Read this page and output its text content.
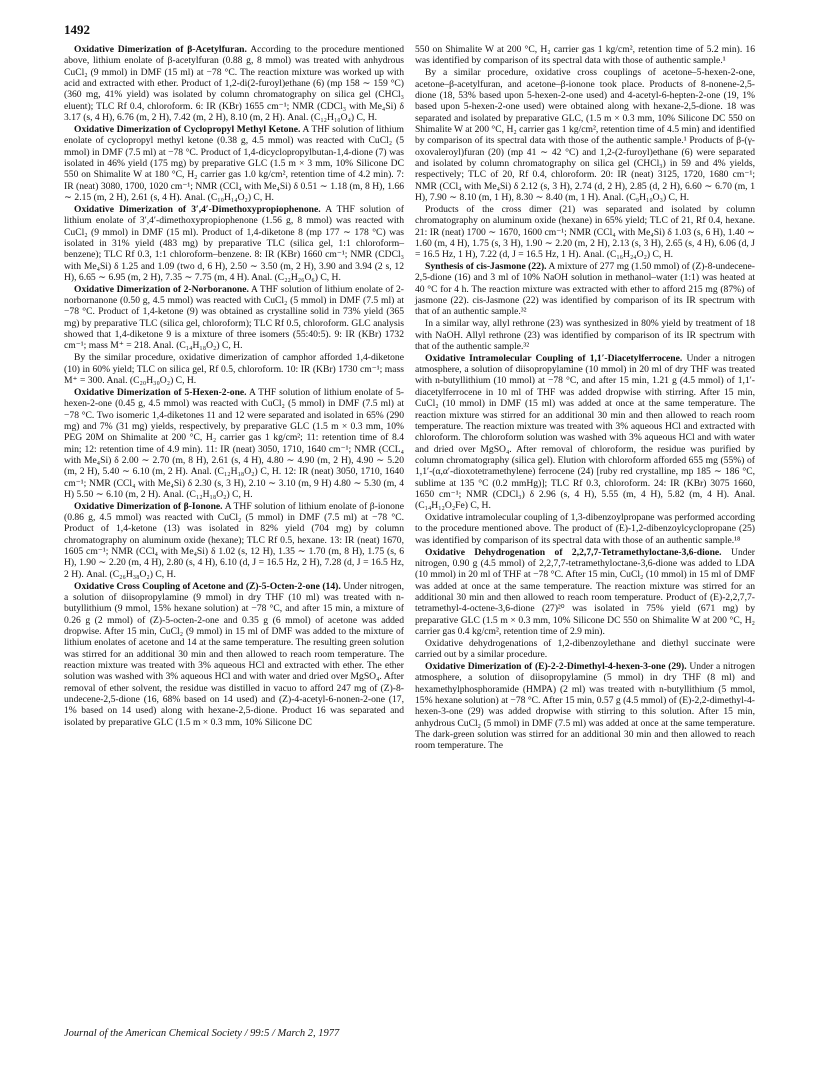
1492

Oxidative Dimerization of β-Acetylfuran. According to the procedure mentioned above, lithium enolate of β-acetylfuran (0.88 g, 8 mmol) was treated with anhydrous CuCl₂ (9 mmol) in DMF (15 ml) at −78 °C. The reaction mixture was worked up with acid and extracted with ether. Product of 1,2-di(2-furoyl)ethane (6) (mp 158 ∼ 159 °C) (360 mg, 41% yield) was isolated by column chromatography on silica gel (CHCl₃ eluent); TLC Rf 0.4, chloroform. 6: IR (KBr) 1655 cm⁻¹; NMR (CDCl₃ with Me₄Si) δ 3.17 (s, 4 H), 6.76 (m, 2 H), 7.42 (m, 2 H), 8.10 (m, 2 H). Anal. (C₁₂H₁₀O₄) C, H.

Oxidative Dimerization of Cyclopropyl Methyl Ketone. A THF solution of lithium enolate of cyclopropyl methyl ketone (0.38 g, 4.5 mmol) was reacted with CuCl₂ (5 mmol) in DMF (7.5 ml) at −78 °C. Product of 1,4-dicyclopropylbutan-1,4-dione (7) was isolated in 46% yield (175 mg) by preparative GLC (1.5 m × 3 mm, 10% Silicone DC 550 on Shimalite W at 180 °C, H₂ carrier gas 1.0 kg/cm², retention time of 4.2 min). 7: IR (neat) 3080, 1700, 1020 cm⁻¹; NMR (CCl₄ with Me₄Si) δ 0.51 ∼ 1.18 (m, 8 H), 1.66 ∼ 2.15 (m, 2 H), 2.61 (s, 4 H). Anal. (C₁₀H₁₄O₂) C, H.

Oxidative Dimerization of 3′,4′-Dimethoxypropiophenone. A THF solution of lithium enolate of 3′,4′-dimethoxypropiophenone (1.56 g, 8 mmol) was reacted with CuCl₂ (9 mmol) in DMF (15 ml). Product of 1,4-diketone 8 (mp 177 ∼ 178 °C) was isolated in 31% yield (483 mg) by preparative TLC (silica gel, 1:1 chloroform–benzene); TLC Rf 0.3, 1:1 chloroform–benzene. 8: IR (KBr) 1660 cm⁻¹; NMR (CDCl₃ with Me₄Si) δ 1.25 and 1.09 (two d, 6 H), 2.50 ∼ 3.50 (m, 2 H), 3.90 and 3.94 (2 s, 12 H), 6.65 ∼ 6.95 (m, 2 H), 7.35 ∼ 7.75 (m, 4 H). Anal. (C₂₂H₂₆O₆) C, H.

Oxidative Dimerization of 2-Norboranone. A THF solution of lithium enolate of 2-norbornanone (0.50 g, 4.5 mmol) was reacted with CuCl₂ (5 mmol) in DMF (7.5 ml) at −78 °C. Product of 1,4-ketone (9) was obtained as crystalline solid in 73% yield (365 mg) by preparative TLC (silica gel, chloroform); TLC Rf 0.5, chloroform. GLC analysis showed that 1,4-diketone 9 is a mixture of three isomers (55:40:5). 9: IR (KBr) 1732 cm⁻¹; mass M⁺ = 218. Anal. (C₁₄H₁₈O₂) C, H.

By the similar procedure, oxidative dimerization of camphor afforded 1,4-diketone (10) in 60% yield; TLC on silica gel, Rf 0.5, chloroform. 10: IR (KBr) 1730 cm⁻¹; mass M⁺ = 300. Anal. (C₂₀H₃₀O₂) C, H.

Oxidative Dimerization of 5-Hexen-2-one. A THF solution of lithium enolate of 5-hexen-2-one (0.45 g, 4.5 mmol) was reacted with CuCl₂ (5 mmol) in DMF (7.5 ml) at −78 °C. Two isomeric 1,4-diketones 11 and 12 were separated and isolated in 65% (290 mg) and 7% (31 mg) yields, respectively, by preparative GLC (1.5 m × 0.3 mm, 10% PEG 20M on Shimalite at 200 °C, H₂ carrier gas 1 kg/cm²; 11: retention time of 8.4 min; 12: retention time of 4.9 min). 11: IR (neat) 3050, 1710, 1640 cm⁻¹; NMR (CCL₄ with Me₄Si) δ 2.00 ∼ 2.70 (m, 8 H), 2.61 (s, 4 H), 4.80 ∼ 4.90 (m, 2 H), 4.90 ∼ 5.20 (m, 2 H), 5.40 ∼ 6.10 (m, 2 H). Anal. (C₁₂H₁₈O₂) C, H. 12: IR (neat) 3050, 1710, 1640 cm⁻¹; NMR (CCl₄ with Me₄Si) δ 2.30 (s, 3 H), 2.10 ∼ 3.10 (m, 9 H) 4.80 ∼ 5.30 (m, 4 H) 5.50 ∼ 6.10 (m, 2 H). Anal. (C₁₂H₁₈O₂) C, H.

Oxidative Dimerization of β-Ionone. A THF solution of lithium enolate of β-ionone (0.86 g, 4.5 mmol) was reacted with CuCl₂ (5 mmol) in DMF (7.5 ml) at −78 °C. Product of 1,4-ketone (13) was isolated in 82% yield (704 mg) by column chromatography on aluminum oxide (hexane); TLC Rf 0.5, hexane. 13: IR (neat) 1670, 1605 cm⁻¹; NMR (CCl₄ with Me₄Si) δ 1.02 (s, 12 H), 1.35 ∼ 1.70 (m, 8 H), 1.75 (s, 6 H), 1.90 ∼ 2.20 (m, 4 H), 2.80 (s, 4 H), 6.10 (d, J = 16.5 Hz, 2 H), 7.28 (d, J = 16.5 Hz, 2 H). Anal. (C₂₆H₃₈O₂) C, H.

Oxidative Cross Coupling of Acetone and (Z)-5-Octen-2-one (14). Under nitrogen, a solution of diisopropylamine (9 mmol) in dry THF (10 ml) was treated with n-butyllithium (9 mmol, 15% hexane solution) at −78 °C, and after 15 min, a mixture of 0.26 g (2 mmol) of (Z)-5-octen-2-one and 0.35 g (6 mmol) of acetone was added dropwise. After 15 min, CuCl₂ (9 mmol) in 15 ml of DMF was added to the mixture of lithium enolates of acetone and 14 at the same temperature. The resulting green solution was stirred for an additional 30 min and then allowed to reach room temperature. The reaction mixture was treated with 3% aqueous HCl and extracted with ether. The ether solution was washed with 3% aqueous HCl and with water and dried over MgSO₄. After removal of ether solvent, the residue was distilled in vacuo to afford 247 mg of (Z)-8-undecene-2,5-dione (16, 68% based on 14 used) and (Z)-4-acetyl-6-nonen-2-one (17, 1% based on 14 used) along with hexane-2,5-dione. Product 16 was separated and isolated by preparative GLC (1.5 m × 0.3 mm, 10% Silicone DC

550 on Shimalite W at 200 °C, H₂ carrier gas 1 kg/cm², retention time of 5.2 min). 16 was identified by comparison of its spectral data with those of authentic sample.¹

By a similar procedure, oxidative cross couplings of acetone–5-hexen-2-one, acetone–β-acetylfuran, and acetone–β-ionone took place. Products of 8-nonene-2,5-dione (18, 53% based upon 5-hexen-2-one used) and 4-acetyl-6-hepten-2-one (19, 1% based upon 5-hexen-2-one used) were obtained along with hexane-2,5-dione. 18 was separated and isolated by preparative GLC, (1.5 m × 0.3 mm, 10% Silicone DC 550 on Shimalite W at 200 °C, H₂ carrier gas 1 kg/cm², retention time of 4.5 min) and identified by comparison of its spectral data with those of the authentic sample.¹ Products of β-(γ-oxovaleroyl)furan (20) (mp 41 ∼ 42 °C) and 1,2-(2-furoyl)ethane (6) were separated and isolated by column chromatography on silica gel (CHCl₃) in 59 and 4% yields, respectively; TLC of 20, Rf 0.4, chloroform. 20: IR (neat) 3125, 1720, 1680 cm⁻¹; NMR (CCl₄ with Me₄Si) δ 2.12 (s, 3 H), 2.74 (d, 2 H), 2.85 (d, 2 H), 6.60 ∼ 6.70 (m, 1 H), 7.90 ∼ 8.10 (m, 1 H), 8.30 ∼ 8.40 (m, 1 H). Anal. (C₉H₁₀O₃) C, H.

Products of the cross dimer (21) was separated and isolated by column chromatography on aluminum oxide (hexane) in 65% yield; TLC of 21, Rf 0.4, hexane. 21: IR (neat) 1700 ∼ 1670, 1600 cm⁻¹; NMR (CCl₄ with Me₄Si) δ 1.03 (s, 6 H), 1.40 ∼ 1.60 (m, 4 H), 1.75 (s, 3 H), 1.90 ∼ 2.20 (m, 2 H), 2.13 (s, 3 H), 2.65 (s, 4 H), 6.06 (d, J = 16.5 Hz, 1 H), 7.22 (d, J = 16.5 Hz, 1 H). Anal. (C₁₆H₂₄O₂) C, H.

Synthesis of cis-Jasmone (22). A mixture of 277 mg (1.50 mmol) of (Z)-8-undecene-2,5-dione (16) and 3 ml of 10% NaOH solution in methanol–water (1:1) was heated at 40 °C for 4 h. The reaction mixture was extracted with ether to afford 215 mg (87%) of jasmone (22). cis-Jasmone (22) was identified by comparison of its IR spectrum with that of an authentic sample.³²

In a similar way, allyl rethrone (23) was synthesized in 80% yield by treatment of 18 with NaOH. Allyl rethrone (23) was identified by comparison of its IR spectrum with that of the authentic sample.³²

Oxidative Intramolecular Coupling of 1,1′-Diacetylferrocene. Under a nitrogen atmosphere, a solution of diisopropylamine (10 mmol) in 20 ml of dry THF was treated with n-butyllithium (10 mmol) at −78 °C, and after 15 min, 1.21 g (4.5 mmol) of 1,1′-diacetylferrocene in 10 ml of THF was added dropwise with stirring. After 15 min, CuCl₂ (10 mmol) in DMF (15 ml) was added at once at the same temperature. The reaction mixture was stirred for an additional 30 min and then allowed to reach room temperature. The reaction mixture was treated with 3% aqueous HCl and extracted with chloroform. The chloroform solution was washed with 3% aqueous HCl and with water and dried over MgSO₄. After removal of chloroform, the residue was purified by column chromatography (silica gel). Elution with chloroform afforded 655 mg (55%) of 1,1′-(α,α′-dioxotetramethylene) ferrocene (24) [ruby red crystalline, mp 185 ∼ 186 °C, sublime at 135 °C (0.2 mmHg)]; TLC Rf 0.3, chloroform. 24: IR (KBr) 3075 1660, 1650 cm⁻¹; NMR (CDCl₃) δ 2.96 (s, 4 H), 5.55 (m, 4 H), 5.82 (m, 4 H). Anal. (C₁₄H₁₂O₂Fe) C, H.

Oxidative intramolecular coupling of 1,3-dibenzoylpropane was performed according to the procedure mentioned above. The product of (E)-1,2-dibenzoylcyclopropane (25) was identified by comparison of its spectral data with those of an authentic sample.¹⁸

Oxidative Dehydrogenation of 2,2,7,7-Tetramethyloctane-3,6-dione. Under nitrogen, 0.90 g (4.5 mmol) of 2,2,7,7-tetramethyloctane-3,6-dione was added to LDA (10 mmol) in 20 ml of THF at −78 °C. After 15 min, CuCl₂ (10 mmol) in 15 ml of DMF was added at once at the same temperature. The reaction mixture was stirred for an additional 30 min and then allowed to reach room temperature. Product of (E)-2,2,7,7-tetramethyl-4-octene-3,6-dione (27)²⁰ was isolated in 75% yield (671 mg) by preparative GLC (1.5 m × 0.3 mm, 10% Silicone DC 550 on Shimalite W at 200 °C, H₂ carrier gas 0.4 kg/cm², retention time of 2.9 min).

Oxidative dehydrogenations of 1,2-dibenzoylethane and diethyl succinate were carried out by a similar procedure.

Oxidative Dimerization of (E)-2-2-Dimethyl-4-hexen-3-one (29). Under a nitrogen atmosphere, a solution of diisopropylamine (5 mmol) in dry THF (8 ml) and hexamethylphosphoramide (HMPA) (2 ml) was treated with n-butyllithium (5 mmol, 15% hexane solution) at −78 °C. After 15 min, 0.57 g (4.5 mmol) of (E)-2,2-dimethyl-4-hexen-3-one (29) was added dropwise with stirring to this solution. After 15 min, anhydrous CuCl₂ (5 mmol) in DMF (7.5 ml) was added at once at the same temperature. The dark-green solution was stirred for an additional 30 min and then allowed to reach room temperature. The

Journal of the American Chemical Society / 99:5 / March 2, 1977
